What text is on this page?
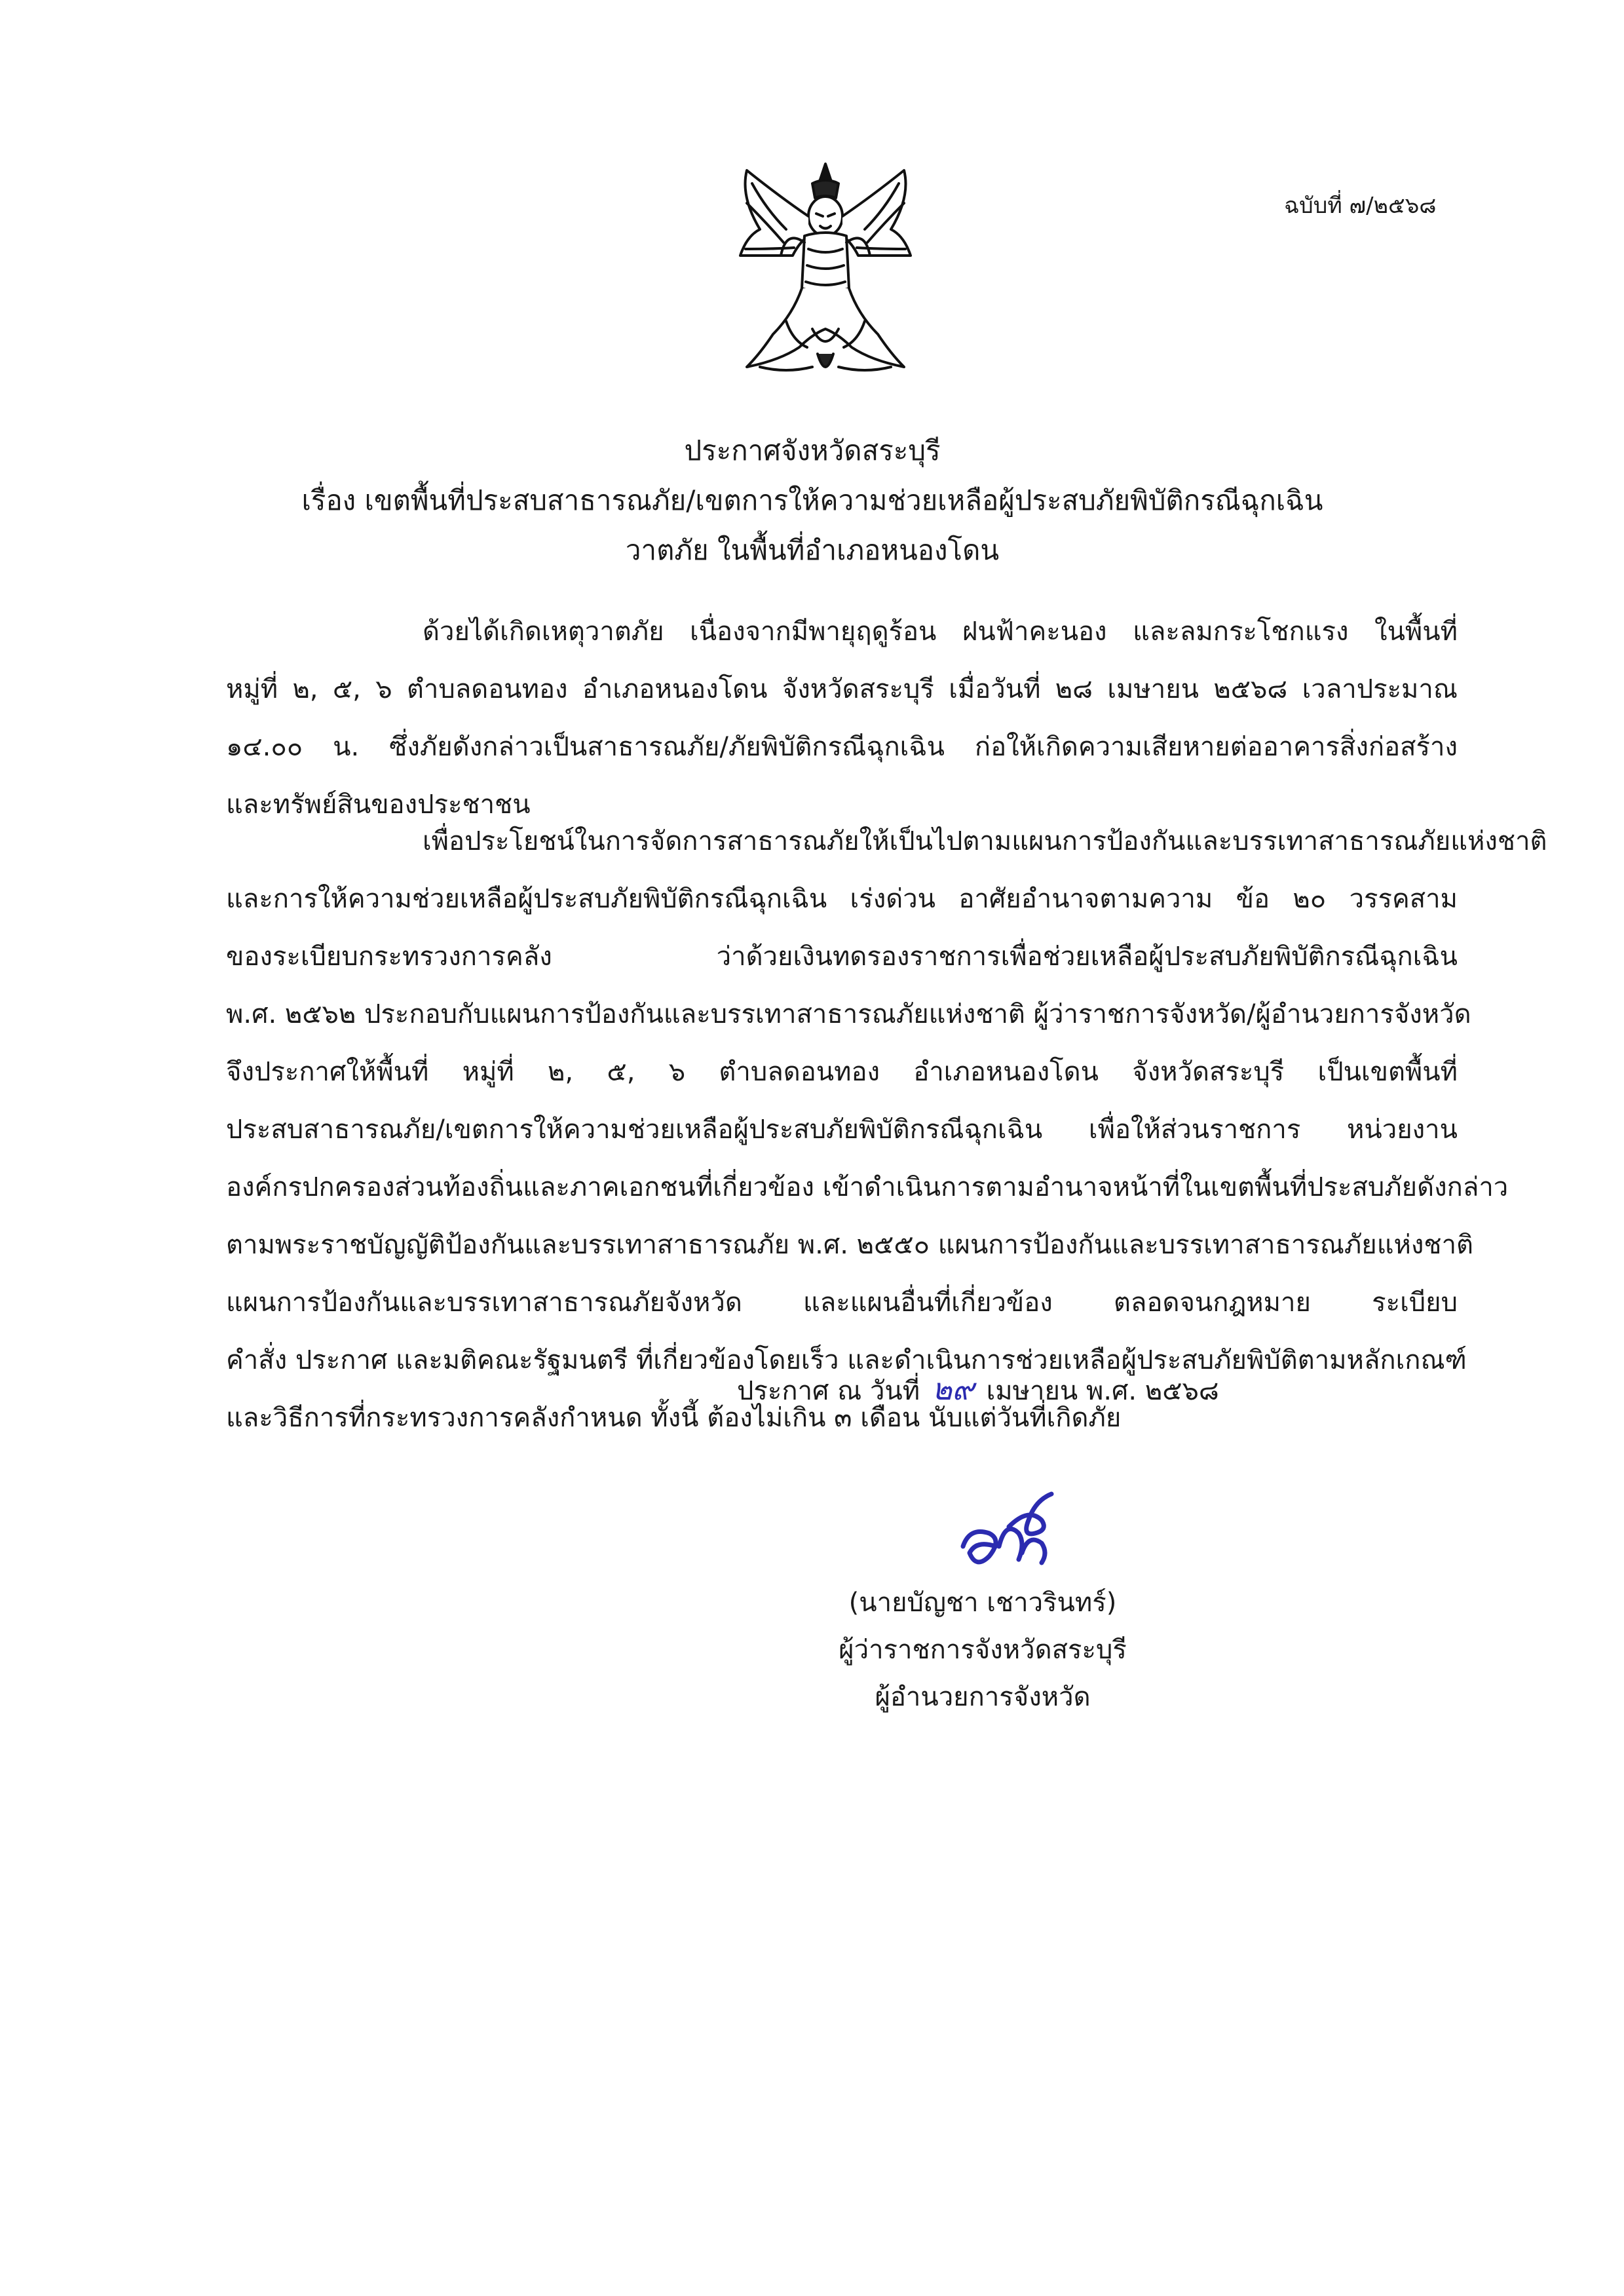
ฉบับที่ ๗/๒๕๖๘
ประกาศจังหวัดสระบุรี
เรื่อง เขตพื้นที่ประสบสาธารณภัย/เขตการให้ความช่วยเหลือผู้ประสบภัยพิบัติกรณีฉุกเฉิน
วาตภัย ในพื้นที่อำเภอหนองโดน
ด้วยได้เกิดเหตุวาตภัย เนื่องจากมีพายุฤดูร้อน ฝนฟ้าคะนอง และลมกระโชกแรง ในพื้นที่
หมู่ที่ ๒, ๕, ๖ ตำบลดอนทอง อำเภอหนองโดน จังหวัดสระบุรี เมื่อวันที่ ๒๘ เมษายน ๒๕๖๘ เวลาประมาณ
๑๔.๐๐ น. ซึ่งภัยดังกล่าวเป็นสาธารณภัย/ภัยพิบัติกรณีฉุกเฉิน ก่อให้เกิดความเสียหายต่ออาคารสิ่งก่อสร้าง
และทรัพย์สินของประชาชน
เพื่อประโยชน์ในการจัดการสาธารณภัยให้เป็นไปตามแผนการป้องกันและบรรเทาสาธารณภัยแห่งชาติ
และการให้ความช่วยเหลือผู้ประสบภัยพิบัติกรณีฉุกเฉิน เร่งด่วน อาศัยอำนาจตามความ ข้อ ๒๐ วรรคสาม
ของระเบียบกระทรวงการคลัง ว่าด้วยเงินทดรองราชการเพื่อช่วยเหลือผู้ประสบภัยพิบัติกรณีฉุกเฉิน
พ.ศ. ๒๕๖๒ ประกอบกับแผนการป้องกันและบรรเทาสาธารณภัยแห่งชาติ ผู้ว่าราชการจังหวัด/ผู้อำนวยการจังหวัด
จึงประกาศให้พื้นที่ หมู่ที่ ๒, ๕, ๖ ตำบลดอนทอง อำเภอหนองโดน จังหวัดสระบุรี เป็นเขตพื้นที่
ประสบสาธารณภัย/เขตการให้ความช่วยเหลือผู้ประสบภัยพิบัติกรณีฉุกเฉิน เพื่อให้ส่วนราชการ หน่วยงาน
องค์กรปกครองส่วนท้องถิ่นและภาคเอกชนที่เกี่ยวข้อง เข้าดำเนินการตามอำนาจหน้าที่ในเขตพื้นที่ประสบภัยดังกล่าว
ตามพระราชบัญญัติป้องกันและบรรเทาสาธารณภัย พ.ศ. ๒๕๕๐ แผนการป้องกันและบรรเทาสาธารณภัยแห่งชาติ
แผนการป้องกันและบรรเทาสาธารณภัยจังหวัด และแผนอื่นที่เกี่ยวข้อง ตลอดจนกฎหมาย ระเบียบ
คำสั่ง ประกาศ และมติคณะรัฐมนตรี ที่เกี่ยวข้องโดยเร็ว และดำเนินการช่วยเหลือผู้ประสบภัยพิบัติตามหลักเกณฑ์
และวิธีการที่กระทรวงการคลังกำหนด ทั้งนี้ ต้องไม่เกิน ๓ เดือน นับแต่วันที่เกิดภัย
ประกาศ ณ วันที่ ๒๙ เมษายน พ.ศ. ๒๕๖๘
(นายบัญชา เชาวรินทร์)
ผู้ว่าราชการจังหวัดสระบุรี
ผู้อำนวยการจังหวัด
